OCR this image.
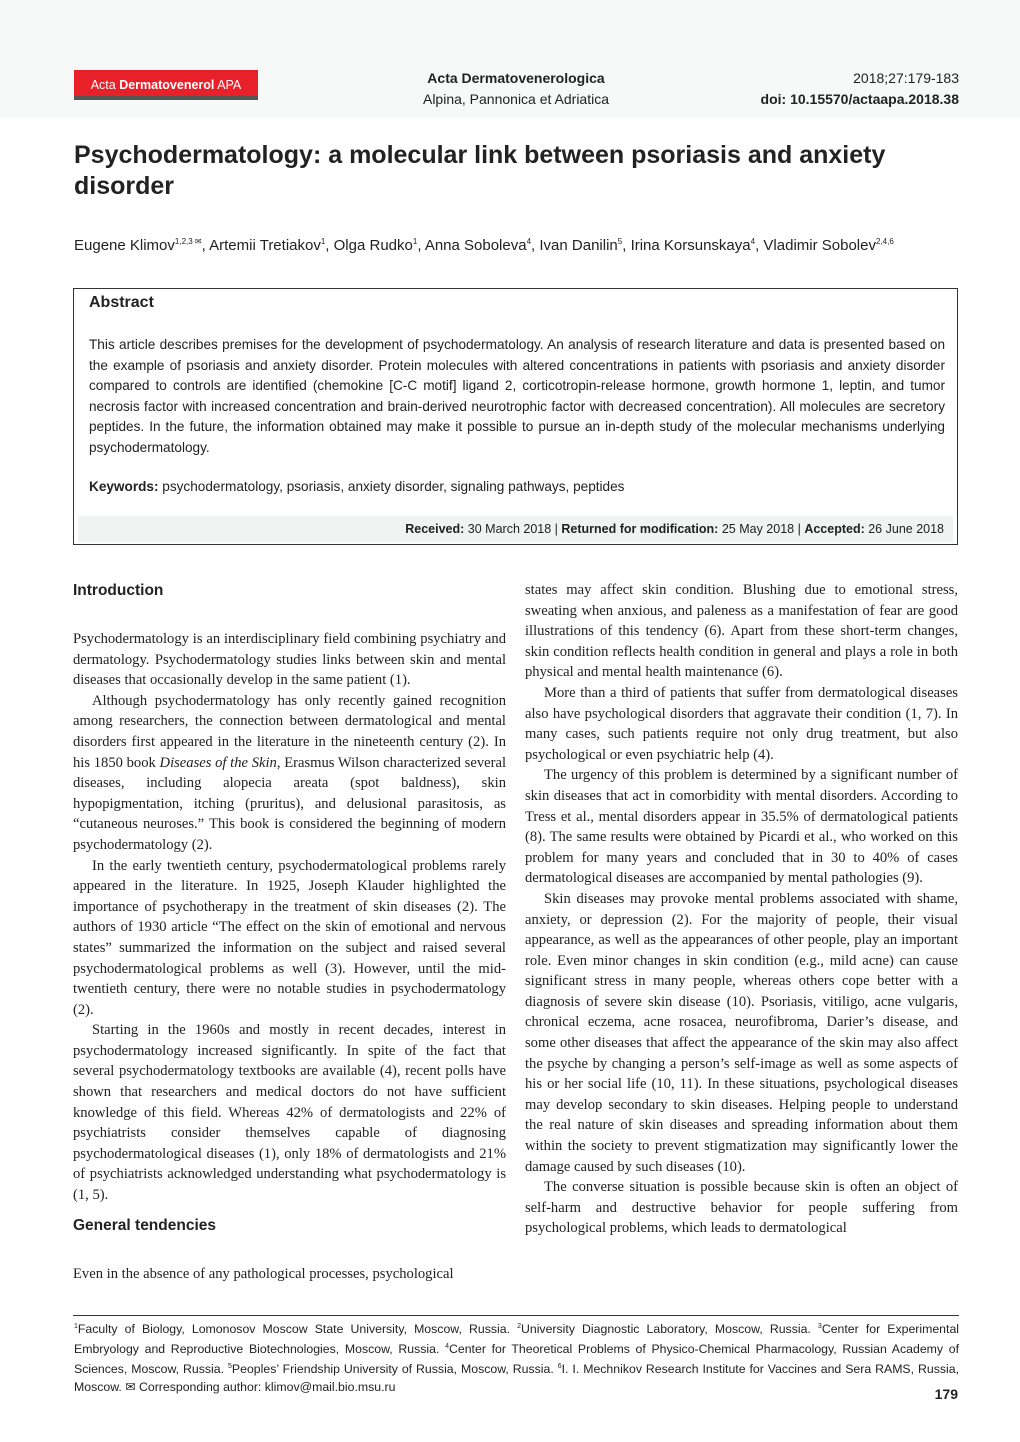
Acta Dermatovenerol APA	Acta Dermatovenerologica
Alpina, Pannonica et Adriatica
2018;27:179-183
doi: 10.15570/actaapa.2018.38
Psychodermatology: a molecular link between psoriasis and anxiety disorder
Eugene Klimov$^{1,2,3 ✉}$, Artemii Tretiakov$^1$, Olga Rudko$^1$, Anna Soboleva$^4$, Ivan Danilin$^5$, Irina Korsunskaya$^4$, Vladimir Sobolev$^{2,4,6}$
Abstract
This article describes premises for the development of psychodermatology. An analysis of research literature and data is presented based on the example of psoriasis and anxiety disorder. Protein molecules with altered concentrations in patients with psoriasis and anxiety disorder compared to controls are identified (chemokine [C-C motif] ligand 2, corticotropin-release hormone, growth hormone 1, leptin, and tumor necrosis factor with increased concentration and brain-derived neurotrophic factor with decreased concentration). All molecules are secretory peptides. In the future, the information obtained may make it possible to pursue an in-depth study of the molecular mechanisms underlying psychodermatology.
Keywords: psychodermatology, psoriasis, anxiety disorder, signaling pathways, peptides
Received: 30 March 2018 | Returned for modification: 25 May 2018 | Accepted: 26 June 2018
Introduction

Psychodermatology is an interdisciplinary field combining psychiatry and dermatology. Psychodermatology studies links between skin and mental diseases that occasionally develop in the same patient (1).

Although psychodermatology has only recently gained recognition among researchers, the connection between dermatological and mental disorders first appeared in the literature in the nineteenth century (2). In his 1850 book Diseases of the Skin, Erasmus Wilson characterized several diseases, including alopecia areata (spot baldness), skin hypopigmentation, itching (pruritus), and delusional parasitosis, as “cutaneous neuroses.” This book is considered the beginning of modern psychodermatology (2).

In the early twentieth century, psychodermatological problems rarely appeared in the literature. In 1925, Joseph Klauder highlighted the importance of psychotherapy in the treatment of skin diseases (2). The authors of 1930 article “The effect on the skin of emotional and nervous states” summarized the information on the subject and raised several psychodermatological problems as well (3). However, until the mid-twentieth century, there were no notable studies in psychodermatology (2).

Starting in the 1960s and mostly in recent decades, interest in psychodermatology increased significantly. In spite of the fact that several psychodermatology textbooks are available (4), recent polls have shown that researchers and medical doctors do not have sufficient knowledge of this field. Whereas 42% of dermatologists and 22% of psychiatrists consider themselves capable of diagnosing psychodermatological diseases (1), only 18% of dermatologists and 21% of psychiatrists acknowledged understanding what psychodermatology is (1, 5).

General tendencies

Even in the absence of any pathological processes, psychological

states may affect skin condition. Blushing due to emotional stress, sweating when anxious, and paleness as a manifestation of fear are good illustrations of this tendency (6). Apart from these short-term changes, skin condition reflects health condition in general and plays a role in both physical and mental health maintenance (6).

More than a third of patients that suffer from dermatological diseases also have psychological disorders that aggravate their condition (1, 7). In many cases, such patients require not only drug treatment, but also psychological or even psychiatric help (4).

The urgency of this problem is determined by a significant number of skin diseases that act in comorbidity with mental disorders. According to Tress et al., mental disorders appear in 35.5% of dermatological patients (8). The same results were obtained by Picardi et al., who worked on this problem for many years and concluded that in 30 to 40% of cases dermatological diseases are accompanied by mental pathologies (9).

Skin diseases may provoke mental problems associated with shame, anxiety, or depression (2). For the majority of people, their visual appearance, as well as the appearances of other people, play an important role. Even minor changes in skin condition (e.g., mild acne) can cause significant stress in many people, whereas others cope better with a diagnosis of severe skin disease (10). Psoriasis, vitiligo, acne vulgaris, chronical eczema, acne rosacea, neurofibroma, Darier’s disease, and some other diseases that affect the appearance of the skin may also affect the psyche by changing a person’s self-image as well as some aspects of his or her social life (10, 11). In these situations, psychological diseases may develop secondary to skin diseases. Helping people to understand the real nature of skin diseases and spreading information about them within the society to prevent stigmatization may significantly lower the damage caused by such diseases (10).

The converse situation is possible because skin is often an object of self-harm and destructive behavior for people suffering from psychological problems, which leads to dermatological

$^1$Faculty of Biology, Lomonosov Moscow State University, Moscow, Russia. $^2$University Diagnostic Laboratory, Moscow, Russia. $^3$Center for Experimental Embryology and Reproductive Biotechnologies, Moscow, Russia. $^4$Center for Theoretical Problems of Physico-Chemical Pharmacology, Russian Academy of Sciences, Moscow, Russia. $^5$Peoples’ Friendship University of Russia, Moscow, Russia. $^6$I. I. Mechnikov Research Institute for Vaccines and Sera RAMS, Russia, Moscow. ✉ Corresponding author: klimov@mail.bio.msu.ru	179
